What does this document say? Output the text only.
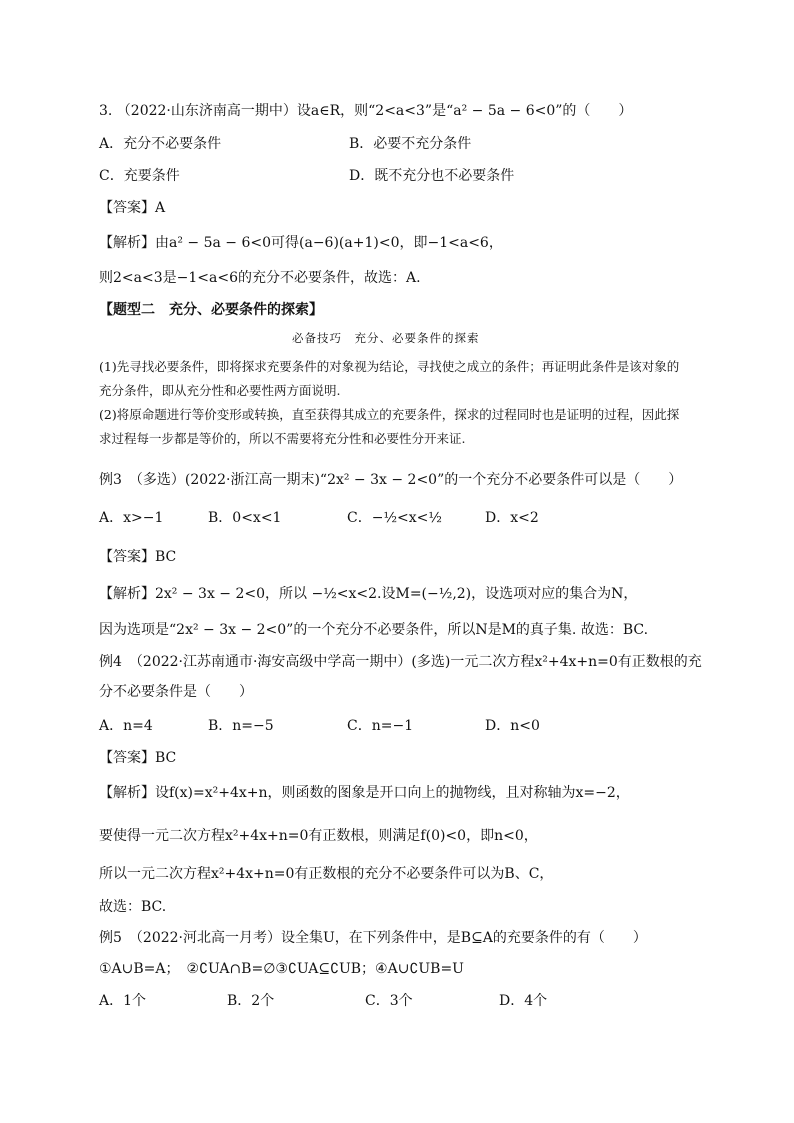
3. （2022·山东济南高一期中）设a∈R，则“2<a<3”是“a² − 5a − 6<0”的（　　）
A．充分不必要条件	B．必要不充分条件
C．充要条件	D．既不充分也不必要条件
【答案】A
【解析】由a² − 5a − 6<0可得(a−6)(a+1)<0，即−1<a<6，
则2<a<3是−1<a<6的充分不必要条件，故选：A.
【题型二　充分、必要条件的探索】
必备技巧　充分、必要条件的探索
(1)先寻找必要条件，即将探求充要条件的对象视为结论，寻找使之成立的条件；再证明此条件是该对象的
充分条件，即从充分性和必要性两方面说明.
(2)将原命题进行等价变形或转换，直至获得其成立的充要条件，探求的过程同时也是证明的过程，因此探
求过程每一步都是等价的，所以不需要将充分性和必要性分开来证.
例3　（多选）(2022·浙江高一期末)“2x² − 3x − 2<0”的一个充分不必要条件可以是（　　）
A．x>−1	B．0<x<1	C．−½<x<½	D．x<2
【答案】BC
【解析】2x² − 3x − 2<0，所以 −½<x<2.设M=(−½,2)，设选项对应的集合为N，
因为选项是“2x² − 3x − 2<0”的一个充分不必要条件，所以N是M的真子集. 故选：BC.
例4　（2022·江苏南通市·海安高级中学高一期中）(多选)一元二次方程x²+4x+n=0有正数根的充
分不必要条件是（　　）
A．n=4	B．n=−5	C．n=−1	D．n<0
【答案】BC
【解析】设f(x)=x²+4x+n，则函数的图象是开口向上的抛物线，且对称轴为x=−2，
要使得一元二次方程x²+4x+n=0有正数根，则满足f(0)<0，即n<0，
所以一元二次方程x²+4x+n=0有正数根的充分不必要条件可以为B、C，
故选：BC.
例5　（2022·河北高一月考）设全集U，在下列条件中，是B⊆A的充要条件的有（　　）
①A∪B=A；　②∁UA∩B=∅③∁UA⊆∁UB；④A∪∁UB=U
A．1个	B．2个	C．3个	D．4个
